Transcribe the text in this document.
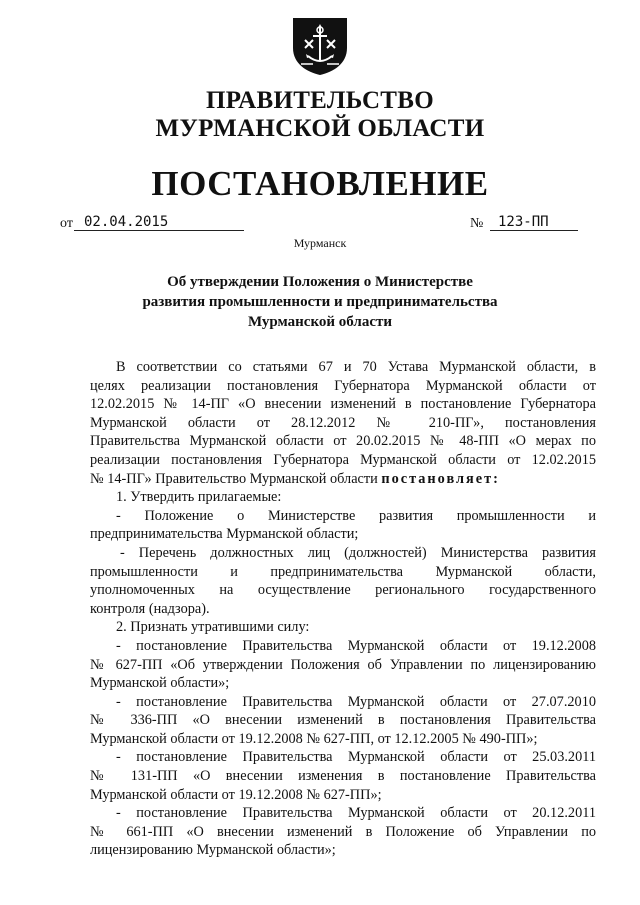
ПРАВИТЕЛЬСТВО
МУРМАНСКОЙ ОБЛАСТИ
ПОСТАНОВЛЕНИЕ
от 02.04.2015	№	123-ПП
Мурманск
Об утверждении Положения о Министерстве
развития промышленности и предпринимательства
Мурманской области

В соответствии со статьями 67 и 70 Устава Мурманской области, в

целях реализации постановления Губернатора Мурманской области от

12.02.2015 № 14-ПГ «О внесении изменений в постановление Губернатора

Мурманской области от 28.12.2012 № 210-ПГ», постановления

Правительства Мурманской области от 20.02.2015 № 48-ПП «О мерах по

реализации постановления Губернатора Мурманской области от 12.02.2015

№ 14-ПГ» Правительство Мурманской области постановляет:

1. Утвердить прилагаемые:

- Положение о Министерстве развития промышленности и

предпринимательства Мурманской области;

- Перечень должностных лиц (должностей) Министерства развития

промышленности и предпринимательства Мурманской области,

уполномоченных на осуществление регионального государственного

контроля (надзора).

2. Признать утратившими силу:

- постановление Правительства Мурманской области от 19.12.2008

№ 627-ПП «Об утверждении Положения об Управлении по лицензированию

Мурманской области»;

- постановление Правительства Мурманской области от 27.07.2010

№ 336-ПП «О внесении изменений в постановления Правительства

Мурманской области от 19.12.2008 № 627-ПП, от 12.12.2005 № 490-ПП»;

- постановление Правительства Мурманской области от 25.03.2011

№ 131-ПП «О внесении изменения в постановление Правительства

Мурманской области от 19.12.2008 № 627-ПП»;

- постановление Правительства Мурманской области от 20.12.2011

№ 661-ПП «О внесении изменений в Положение об Управлении по

лицензированию Мурманской области»;
